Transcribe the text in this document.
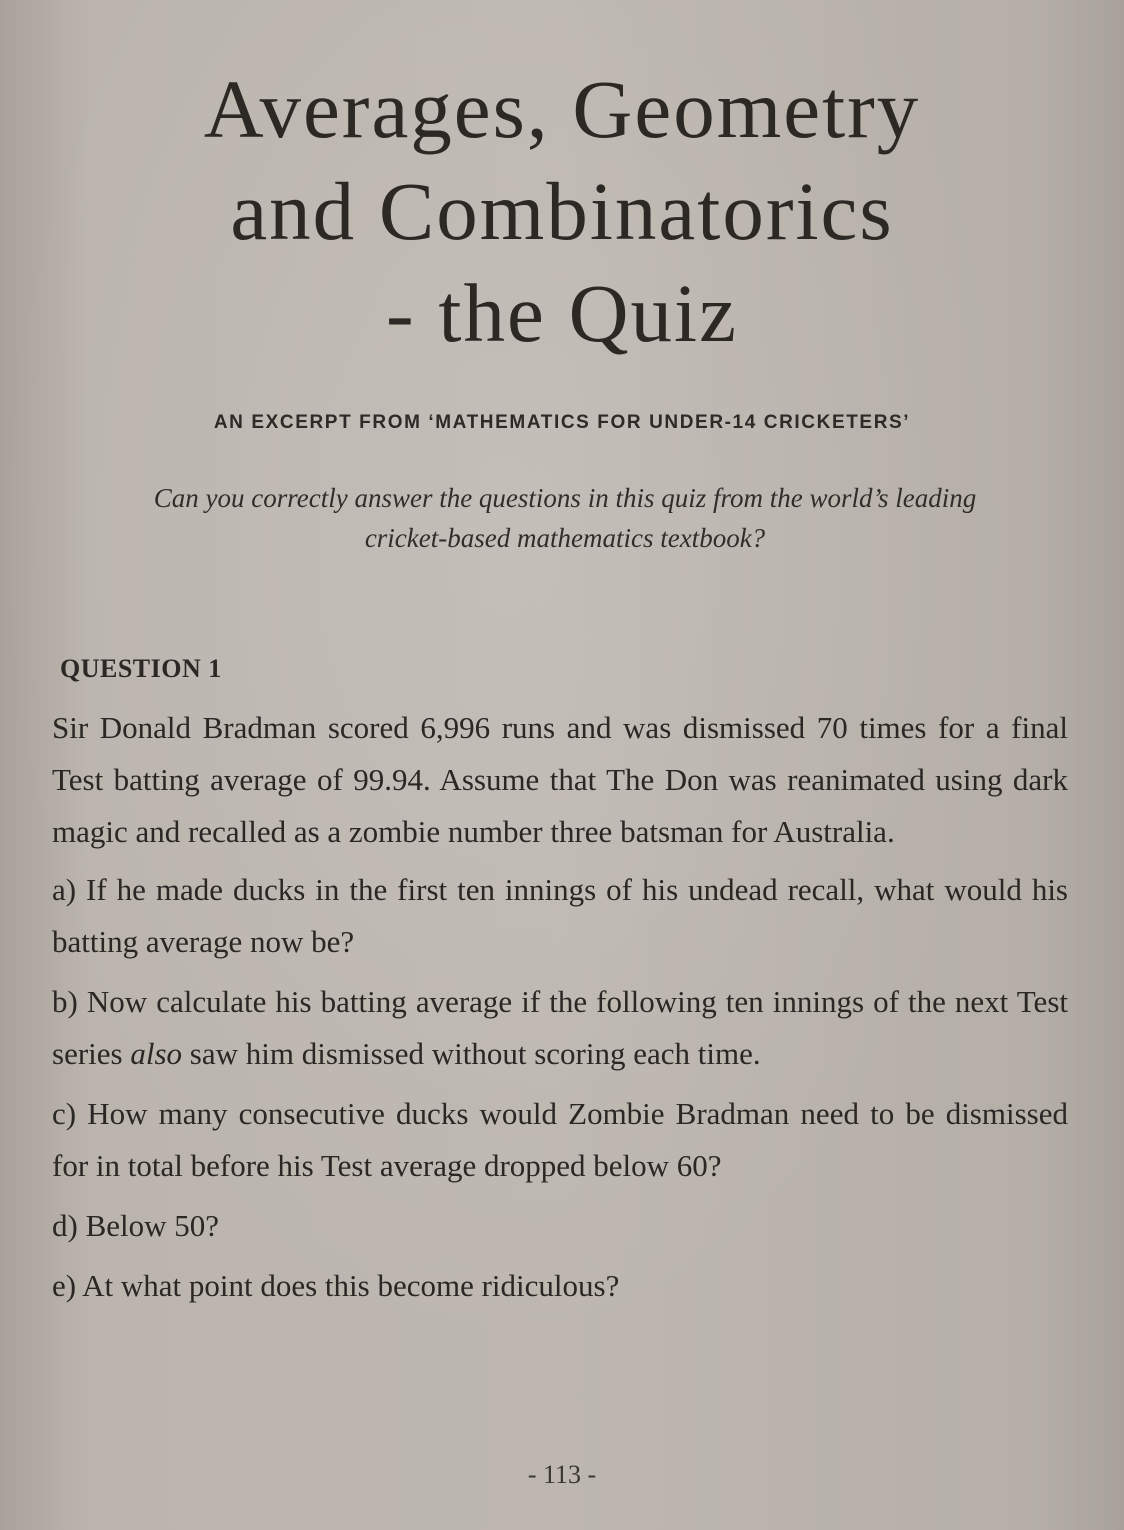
Averages, Geometry
and Combinatorics
- the Quiz
AN EXCERPT FROM ‘MATHEMATICS FOR UNDER-14 CRICKETERS’
Can you correctly answer the questions in this quiz from the world’s leading cricket-based mathematics textbook?
QUESTION 1

Sir Donald Bradman scored 6,996 runs and was dismissed 70 times for a final Test batting average of 99.94. Assume that The Don was reanimated using dark magic and recalled as a zombie number three batsman for Australia.

a) If he made ducks in the first ten innings of his undead recall, what would his batting average now be?

b) Now calculate his batting average if the following ten innings of the next Test series also saw him dismissed without scoring each time.

c) How many consecutive ducks would Zombie Bradman need to be dismissed for in total before his Test average dropped below 60?

d) Below 50?

e) At what point does this become ridiculous?

- 113 -
